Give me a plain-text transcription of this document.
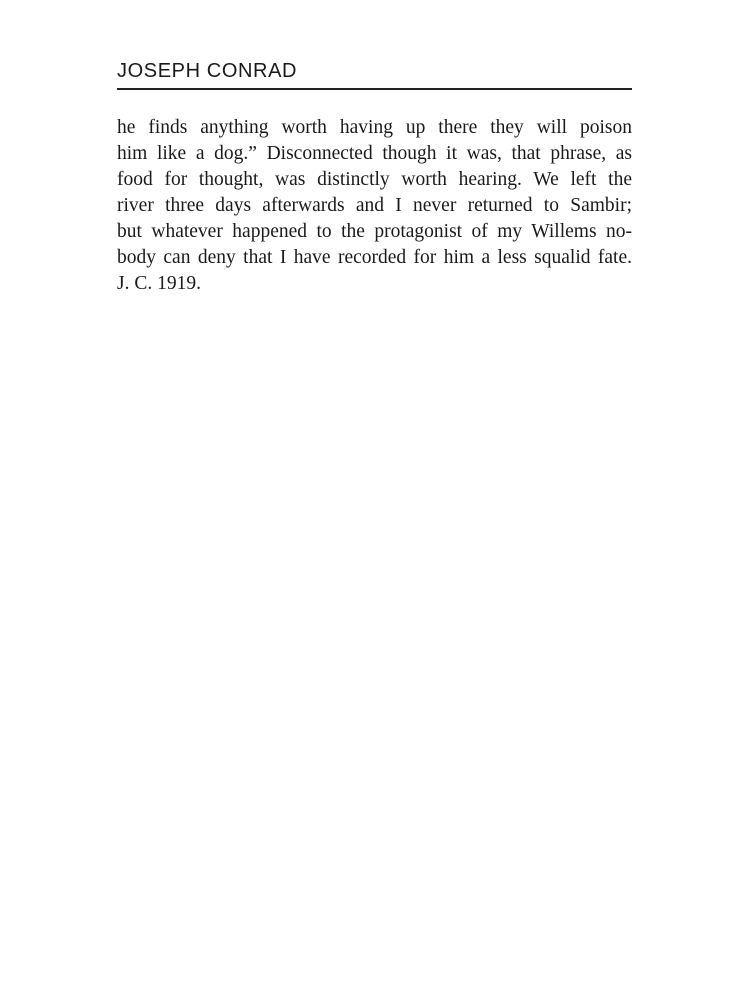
JOSEPH CONRAD
he finds anything worth having up there they will poison
him like a dog.” Disconnected though it was, that phrase, as
food for thought, was distinctly worth hearing. We left the
river three days afterwards and I never returned to Sambir;
but whatever happened to the protagonist of my Willems no-
body can deny that I have recorded for him a less squalid fate.
J. C. 1919.
